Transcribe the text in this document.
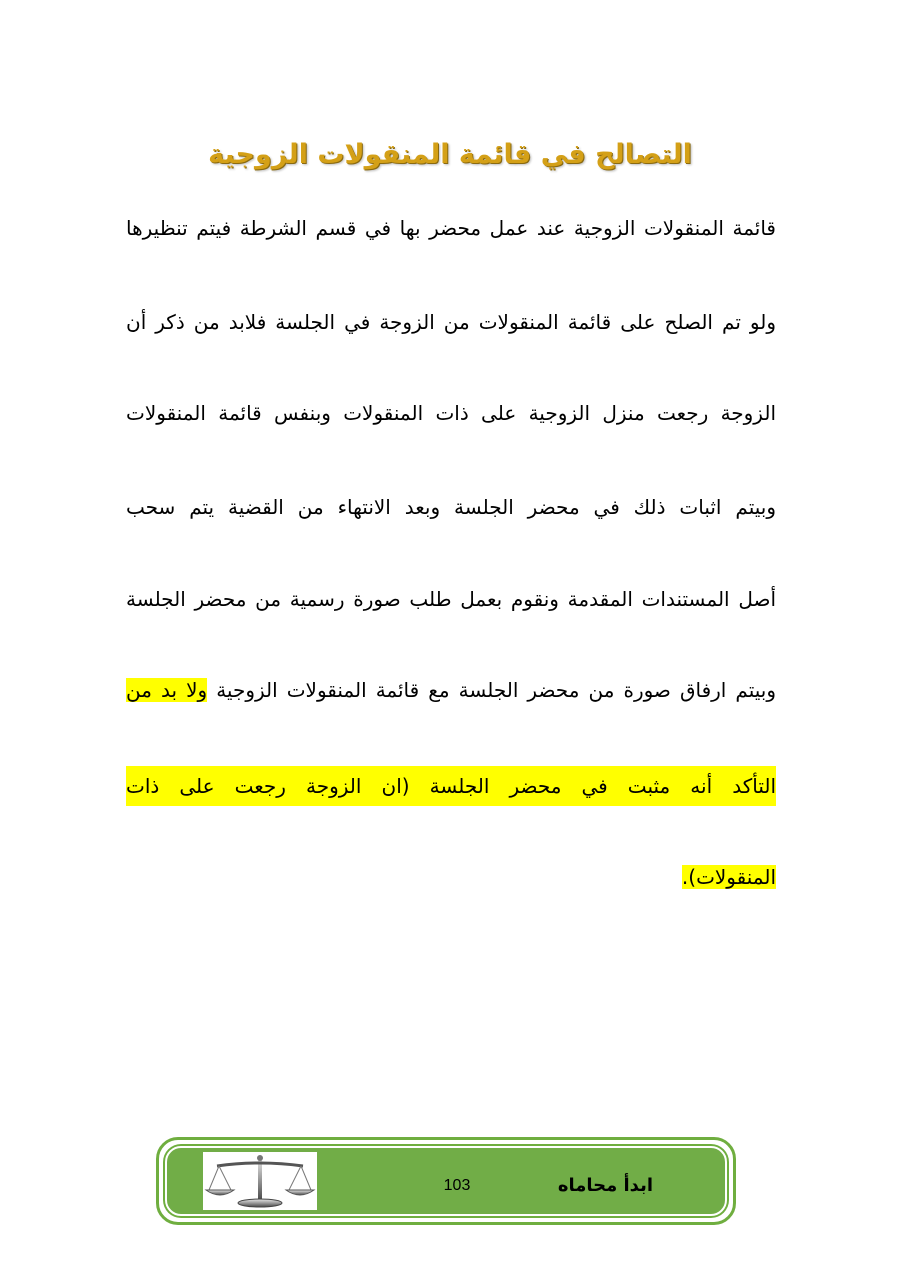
التصالح في قائمة المنقولات الزوجية
قائمة المنقولات الزوجية عند عمل محضر بها في قسم الشرطة فيتم تنظيرها
ولو تم الصلح على قائمة المنقولات من الزوجة في الجلسة فلابد من ذكر أن
الزوجة رجعت منزل الزوجية على ذات المنقولات وبنفس قائمة المنقولات
وبيتم اثبات ذلك في محضر الجلسة وبعد الانتهاء من القضية يتم سحب
أصل المستندات المقدمة ونقوم بعمل طلب صورة رسمية من محضر الجلسة
وبيتم ارفاق صورة من محضر الجلسة مع قائمة المنقولات الزوجية ولا بد من
التأكد أنه مثبت في محضر الجلسة (ان الزوجة رجعت على ذات
المنقولات).
103	ابدأ محاماه
